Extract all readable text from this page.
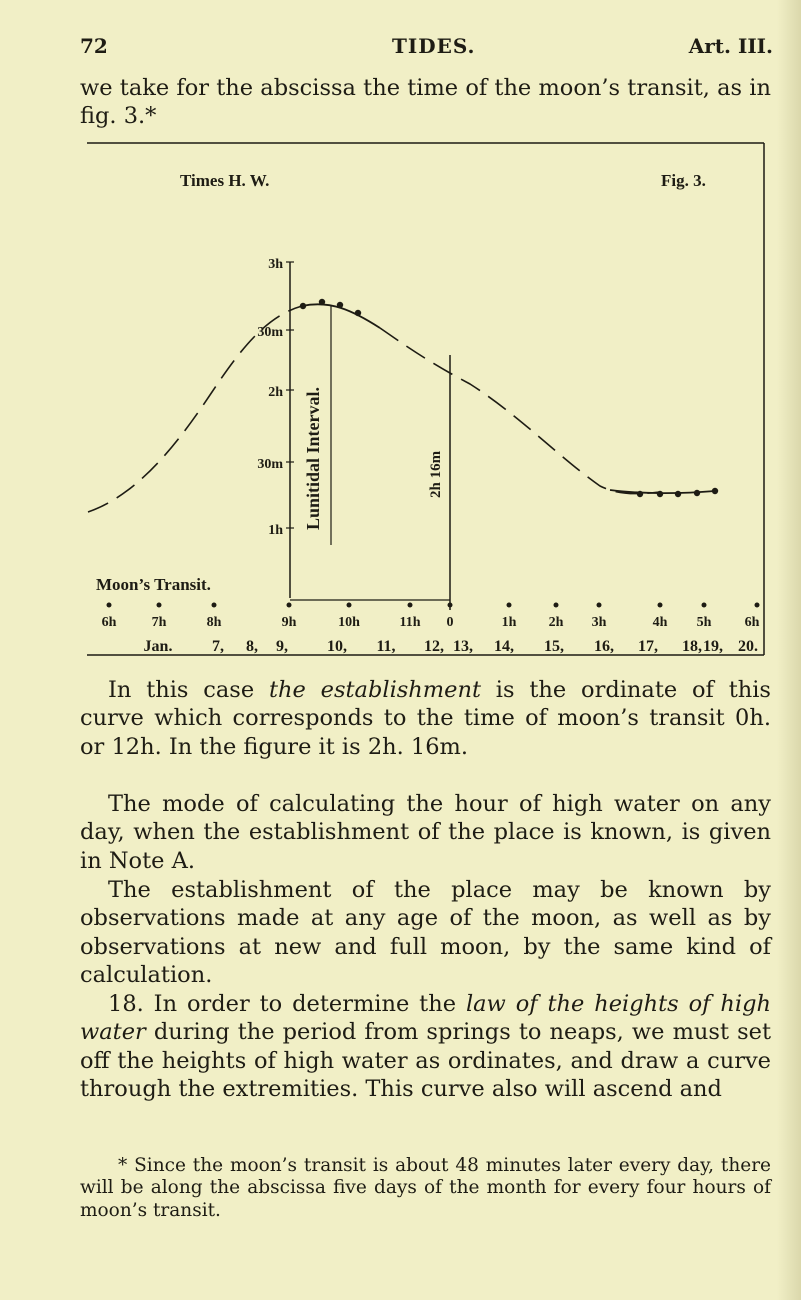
72	TIDES.	Art. III.

we take for the abscissa the time of the moon’s transit, as in fig. 3.*

Times H. W.	Fig. 3.
3h
30m
2h
30m
1h
Lunitidal Interval.	2h 16m
Moon’s Transit.
6h	7h	8h	9h	10h	11h 0	1h 2h 3h	4h 5h 6h
Jan. 7, 8, 9, 10, 11, 12, 13, 14, 15, 16, 17, 18, 19, 20.

In this case the establishment is the ordinate of this curve which corresponds to the time of moon’s transit 0h. or 12h. In the figure it is 2h. 16m.

The mode of calculating the hour of high water on any day, when the establishment of the place is known, is given in Note A.

The establishment of the place may be known by observations made at any age of the moon, as well as by observations at new and full moon, by the same kind of calculation.

18. In order to determine the law of the heights of high water during the period from springs to neaps, we must set off the heights of high water as ordinates, and draw a curve through the extremities. This curve also will ascend and

* Since the moon’s transit is about 48 minutes later every day, there will be along the abscissa five days of the month for every four hours of moon’s transit.
